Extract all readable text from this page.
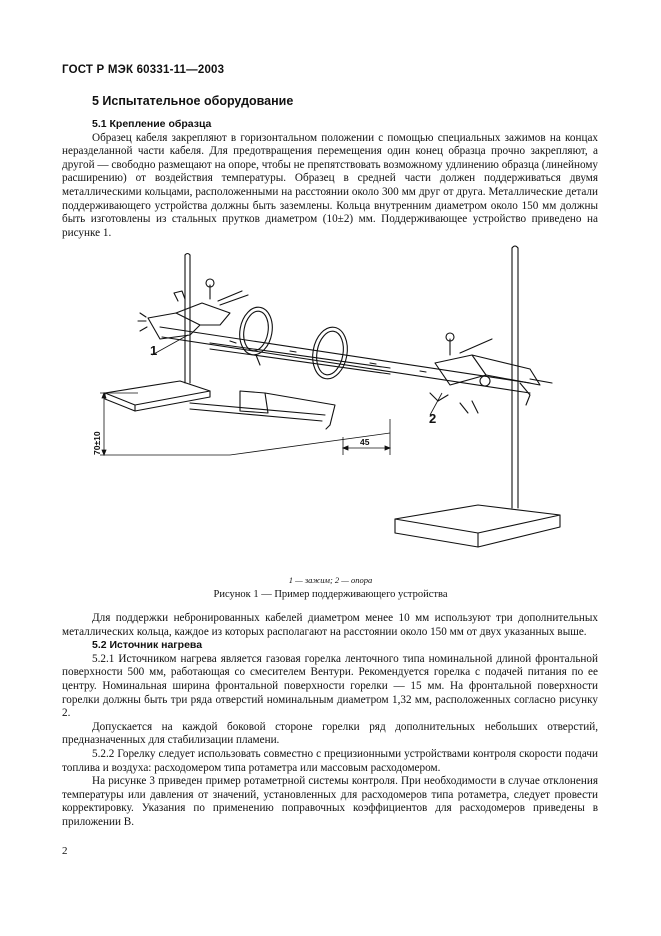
ГОСТ Р МЭК 60331-11—2003
5 Испытательное оборудование

5.1 Крепление образца

Образец кабеля закрепляют в горизонтальном положении с помощью специальных зажимов на концах неразделанной части кабеля. Для предотвращения перемещения один конец образца прочно закрепляют, а другой — свободно размещают на опоре, чтобы не препятствовать возможному удлинению образца (линейному расширению) от воздействия температуры. Образец в средней части должен поддерживаться двумя металлическими кольцами, расположенными на расстоянии около 300 мм друг от друга. Металлические детали поддерживающего устройства должны быть заземлены. Кольца внутренним диаметром около 150 мм должны быть изготовлены из стальных прутков диаметром (10±2) мм. Поддерживающее устройство приведено на рисунке 1.

1
2
70±10	45
1 — зажим; 2 — опора
Рисунок 1 — Пример поддерживающего устройства

Для поддержки небронированных кабелей диаметром менее 10 мм используют три дополнительных металлических кольца, каждое из которых располагают на расстоянии около 150 мм от двух указанных выше.

5.2 Источник нагрева

5.2.1 Источником нагрева является газовая горелка ленточного типа номинальной длиной фронтальной поверхности 500 мм, работающая со смесителем Вентури. Рекомендуется горелка с подачей питания по ее центру. Номинальная ширина фронтальной поверхности горелки — 15 мм. На фронтальной поверхности горелки должны быть три ряда отверстий номинальным диаметром 1,32 мм, расположенных согласно рисунку 2.

Допускается на каждой боковой стороне горелки ряд дополнительных небольших отверстий, предназначенных для стабилизации пламени.

5.2.2 Горелку следует использовать совместно с прецизионными устройствами контроля скорости подачи топлива и воздуха: расходомером типа ротаметра или массовым расходомером.

На рисунке 3 приведен пример ротаметрной системы контроля. При необходимости в случае отклонения температуры или давления от значений, установленных для расходомеров типа ротаметра, следует провести корректировку. Указания по применению поправочных коэффициентов для расходомеров приведены в приложении В.

2
